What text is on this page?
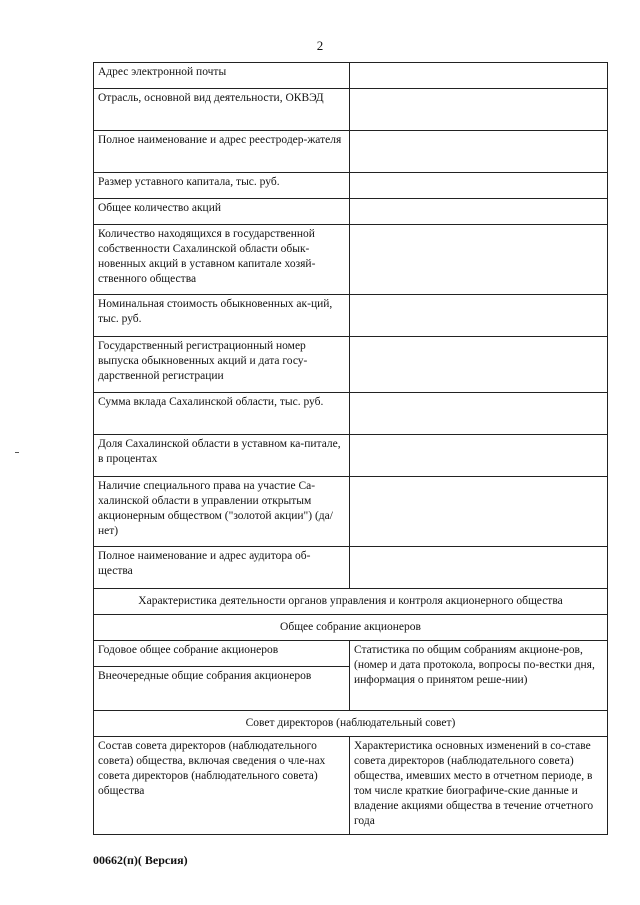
2
Адрес электронной почты	
Отрасль, основной вид деятельности, ОКВЭД	
Полное наименование и адрес реестродер-жателя	
Размер уставного капитала, тыс. руб.	
Общее количество акций	
Количество находящихся в государственной собственности Сахалинской области обык-новенных акций в уставном капитале хозяй-ственного общества	
Номинальная стоимость обыкновенных ак-ций, тыс. руб.	
Государственный регистрационный номер выпуска обыкновенных акций и дата госу-дарственной регистрации	
Сумма вклада Сахалинской области, тыс. руб.	
Доля Сахалинской области в уставном ка-питале, в процентах	
Наличие специального права на участие Са-халинской области в управлении открытым акционерным обществом ("золотой акции") (да/нет)	
Полное наименование и адрес аудитора об-щества	
Характеристика деятельности органов управления и контроля акционерного общества	
Общее собрание акционеров	
Годовое общее собрание акционеров	Статистика по общим собраниям акционе-ров, (номер и дата протокола, вопросы по-вестки дня, информация о принятом реше-нии)
Внеочередные общие собрания акционеров	
Совет директоров (наблюдательный совет)	
Состав совета директоров (наблюдательного совета) общества, включая сведения о чле-нах совета директоров (наблюдательного совета) общества	Характеристика основных изменений в со-ставе совета директоров (наблюдательного совета) общества, имевших место в отчетном периоде, в том числе краткие биографиче-ские данные и владение акциями общества в течение отчетного года
00662(п)( Версия)
